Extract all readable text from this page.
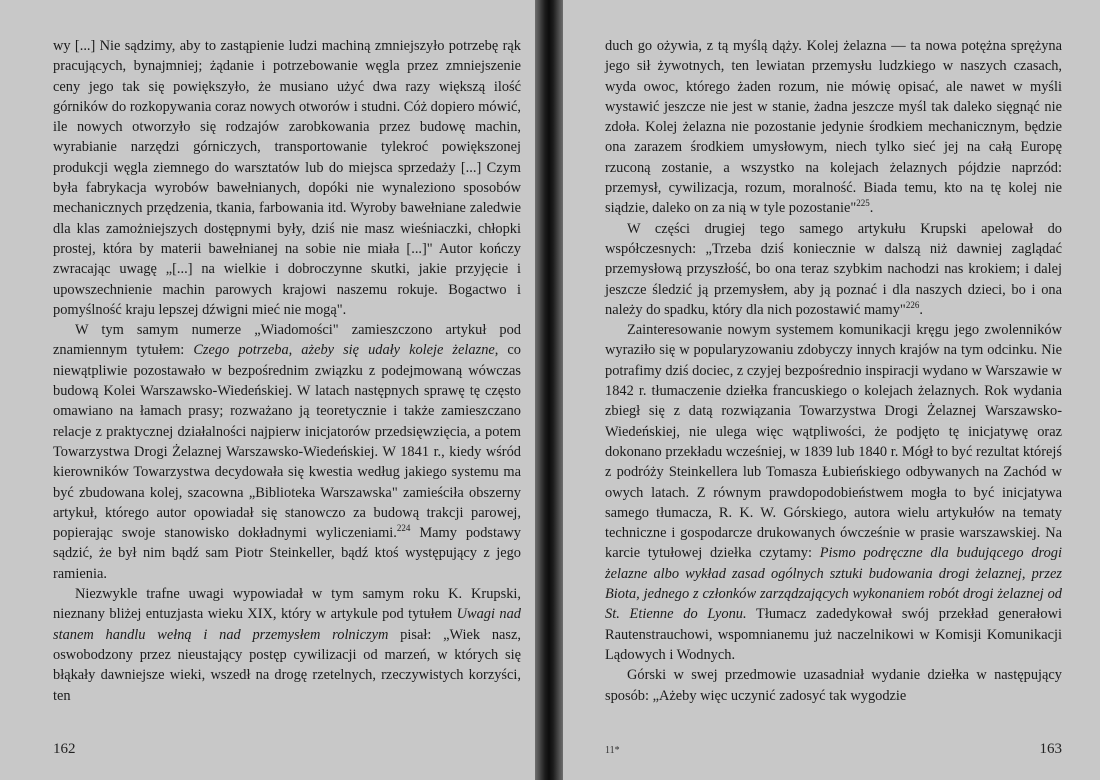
wy [...] Nie sądzimy, aby to zastąpienie ludzi machiną zmniejszyło potrzebę rąk pracujących, bynajmniej; żądanie i potrzebowanie węgla przez zmniejszenie ceny jego tak się powiększyło, że musiano użyć dwa razy większą ilość górników do rozkopywania coraz nowych otworów i studni. Cóż dopiero mówić, ile nowych otworzyło się rodzajów zarobkowania przez budowę machin, wyrabianie narzędzi górniczych, transportowanie tylekroć powiększonej produkcji węgla ziemnego do warsztatów lub do miejsca sprzedaży [...] Czym była fabrykacja wyrobów bawełnianych, dopóki nie wynaleziono sposobów mechanicznych przędzenia, tkania, farbowania itd. Wyroby bawełniane zaledwie dla klas zamożniejszych dostępnymi były, dziś nie masz wieśniaczki, chłopki prostej, która by materii bawełnianej na sobie nie miała [...]" Autor kończy zwracając uwagę „[...] na wielkie i dobroczynne skutki, jakie przyjęcie i upowszechnienie machin parowych krajowi naszemu rokuje. Bogactwo i pomyślność kraju lepszej dźwigni mieć nie mogą".

W tym samym numerze „Wiadomości" zamieszczono artykuł pod znamiennym tytułem: Czego potrzeba, ażeby się udały koleje żelazne, co niewątpliwie pozostawało w bezpośrednim związku z podejmowaną wówczas budową Kolei Warszawsko-Wiedeńskiej. W latach następnych sprawę tę często omawiano na łamach prasy; rozważano ją teoretycznie i także zamieszczano relacje z praktycznej działalności najpierw inicjatorów przedsięwzięcia, a potem Towarzystwa Drogi Żelaznej Warszawsko-Wiedeńskiej. W 1841 r., kiedy wśród kierowników Towarzystwa decydowała się kwestia według jakiego systemu ma być zbudowana kolej, szacowna „Biblioteka Warszawska" zamieściła obszerny artykuł, którego autor opowiadał się stanowczo za budową trakcji parowej, popierając swoje stanowisko dokładnymi wyliczeniami.$^{224}$ Mamy podstawy sądzić, że był nim bądź sam Piotr Steinkeller, bądź ktoś występujący z jego ramienia.

Niezwykle trafne uwagi wypowiadał w tym samym roku K. Krupski, nieznany bliżej entuzjasta wieku XIX, który w artykule pod tytułem Uwagi nad stanem handlu wełną i nad przemysłem rolniczym pisał: „Wiek nasz, oswobodzony przez nieustający postęp cywilizacji od marzeń, w których się błąkały dawniejsze wieki, wszedł na drogę rzetelnych, rzeczywistych korzyści, ten

162

duch go ożywia, z tą myślą dąży. Kolej żelazna — ta nowa potężna sprężyna jego sił żywotnych, ten lewiatan przemysłu ludzkiego w naszych czasach, wyda owoc, którego żaden rozum, nie mówię opisać, ale nawet w myśli wystawić jeszcze nie jest w stanie, żadna jeszcze myśl tak daleko sięgnąć nie zdoła. Kolej żelazna nie pozostanie jedynie środkiem mechanicznym, będzie ona zarazem środkiem umysłowym, niech tylko sieć jej na całą Europę rzuconą zostanie, a wszystko na kolejach żelaznych pójdzie naprzód: przemysł, cywilizacja, rozum, moralność. Biada temu, kto na tę kolej nie siądzie, daleko on za nią w tyle pozostanie"$^{225}$.

W części drugiej tego samego artykułu Krupski apelował do współczesnych: „Trzeba dziś koniecznie w dalszą niż dawniej zaglądać przemysłową przyszłość, bo ona teraz szybkim nachodzi nas krokiem; i dalej jeszcze śledzić ją przemysłem, aby ją poznać i dla naszych dzieci, bo i ona należy do spadku, który dla nich pozostawić mamy"$^{226}$.

Zainteresowanie nowym systemem komunikacji kręgu jego zwolenników wyraziło się w popularyzowaniu zdobyczy innych krajów na tym odcinku. Nie potrafimy dziś dociec, z czyjej bezpośrednio inspiracji wydano w Warszawie w 1842 r. tłumaczenie dziełka francuskiego o kolejach żelaznych. Rok wydania zbiegł się z datą rozwiązania Towarzystwa Drogi Żelaznej Warszawsko-Wiedeńskiej, nie ulega więc wątpliwości, że podjęto tę inicjatywę oraz dokonano przekładu wcześniej, w 1839 lub 1840 r. Mógł to być rezultat którejś z podróży Steinkellera lub Tomasza Łubieńskiego odbywanych na Zachód w owych latach. Z równym prawdopodobieństwem mogła to być inicjatywa samego tłumacza, R. K. W. Górskiego, autora wielu artykułów na tematy techniczne i gospodarcze drukowanych ówcześnie w prasie warszawskiej. Na karcie tytułowej dziełka czytamy: Pismo podręczne dla budującego drogi żelazne albo wykład zasad ogólnych sztuki budowania drogi żelaznej, przez Biota, jednego z członków zarządzających wykonaniem robót drogi żelaznej od St. Etienne do Lyonu. Tłumacz zadedykował swój przekład generałowi Rautenstrauchowi, wspomnianemu już naczelnikowi w Komisji Komunikacji Lądowych i Wodnych.

Górski w swej przedmowie uzasadniał wydanie dziełka w następujący sposób: „Ażeby więc uczynić zadosyć tak wygodzie

11*	163
